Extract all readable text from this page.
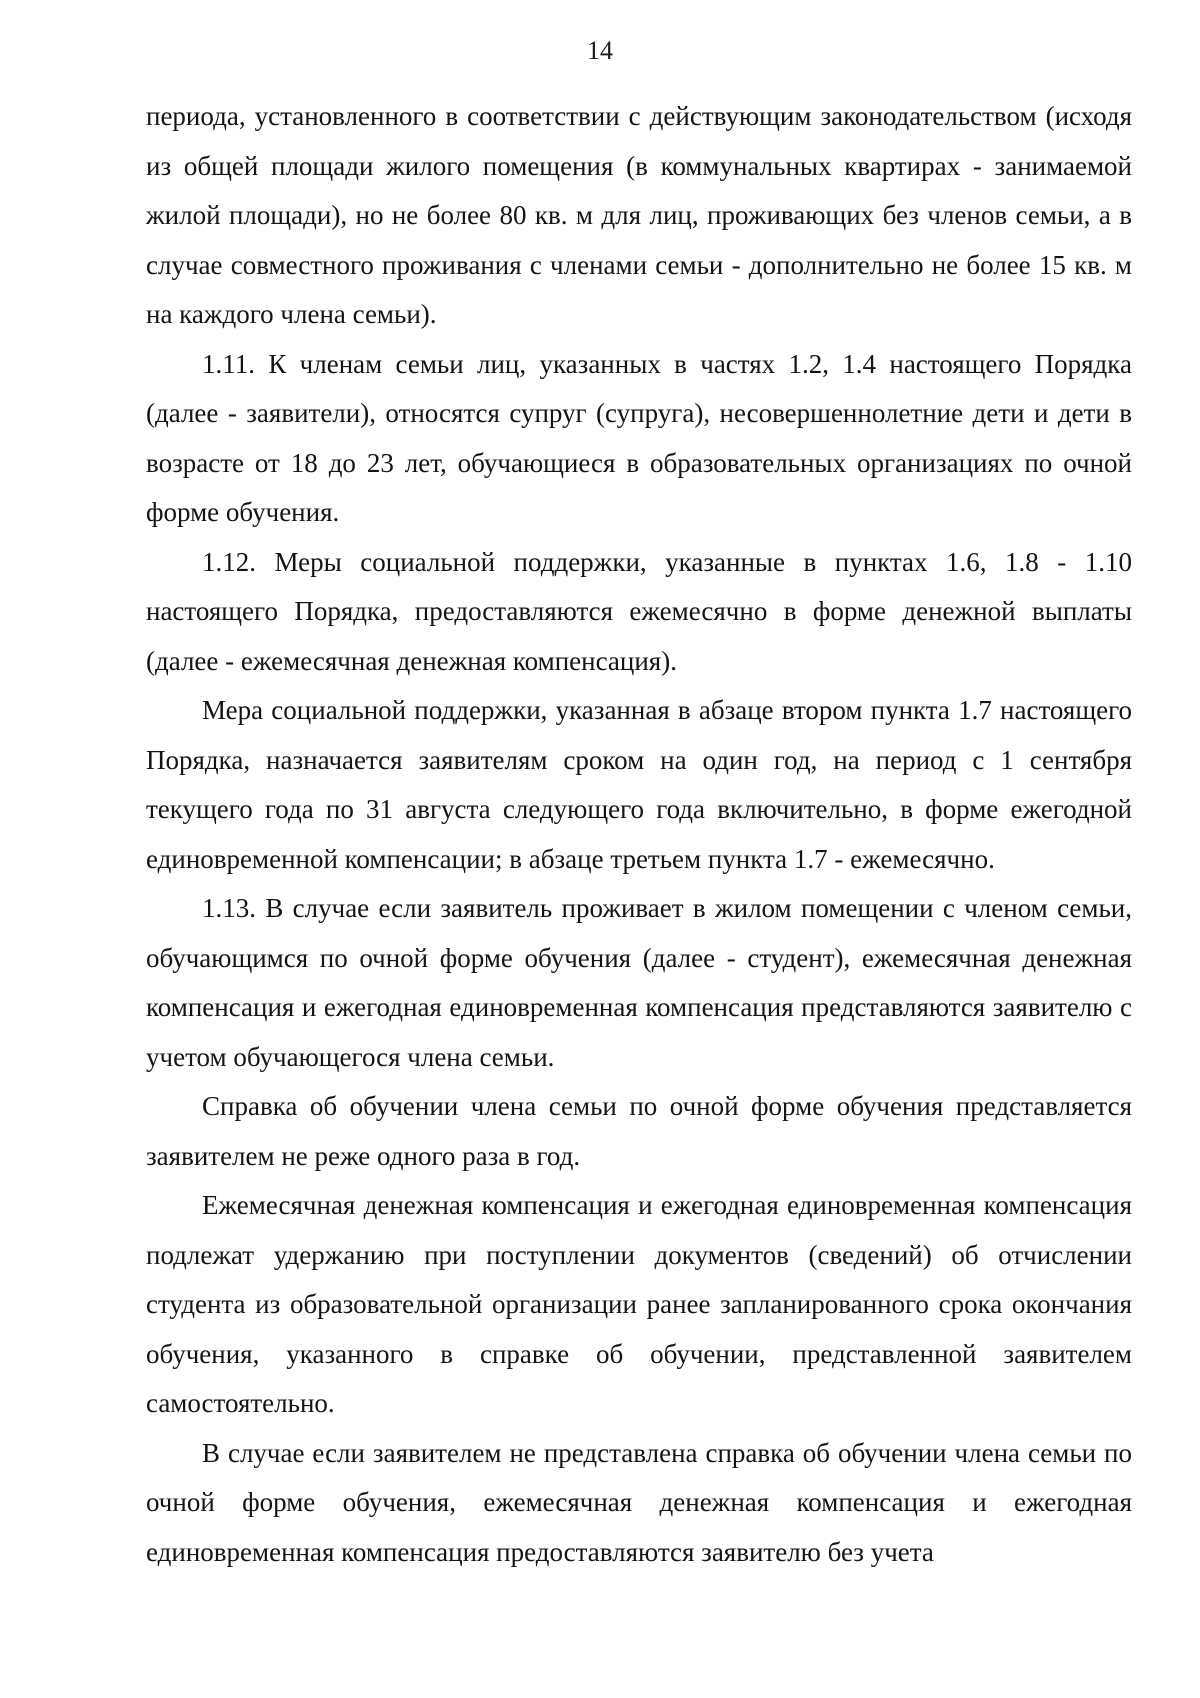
14

периода, установленного в соответствии с действующим законодательством (исходя из общей площади жилого помещения (в коммунальных квартирах - занимаемой жилой площади), но не более 80 кв. м для лиц, проживающих без членов семьи, а в случае совместного проживания с членами семьи - дополнительно не более 15 кв. м на каждого члена семьи).

1.11. К членам семьи лиц, указанных в частях 1.2, 1.4 настоящего Порядка (далее - заявители), относятся супруг (супруга), несовершеннолетние дети и дети в возрасте от 18 до 23 лет, обучающиеся в образовательных организациях по очной форме обучения.

1.12. Меры социальной поддержки, указанные в пунктах 1.6, 1.8 - 1.10 настоящего Порядка, предоставляются ежемесячно в форме денежной выплаты (далее - ежемесячная денежная компенсация).

Мера социальной поддержки, указанная в абзаце втором пункта 1.7 настоящего Порядка, назначается заявителям сроком на один год, на период с 1 сентября текущего года по 31 августа следующего года включительно, в форме ежегодной единовременной компенсации; в абзаце третьем пункта 1.7 - ежемесячно.

1.13. В случае если заявитель проживает в жилом помещении с членом семьи, обучающимся по очной форме обучения (далее - студент), ежемесячная денежная компенсация и ежегодная единовременная компенсация представляются заявителю с учетом обучающегося члена семьи.

Справка об обучении члена семьи по очной форме обучения представляется заявителем не реже одного раза в год.

Ежемесячная денежная компенсация и ежегодная единовременная компенсация подлежат удержанию при поступлении документов (сведений) об отчислении студента из образовательной организации ранее запланированного срока окончания обучения, указанного в справке об обучении, представленной заявителем самостоятельно.

В случае если заявителем не представлена справка об обучении члена семьи по очной форме обучения, ежемесячная денежная компенсация и ежегодная единовременная компенсация предоставляются заявителю без учета
